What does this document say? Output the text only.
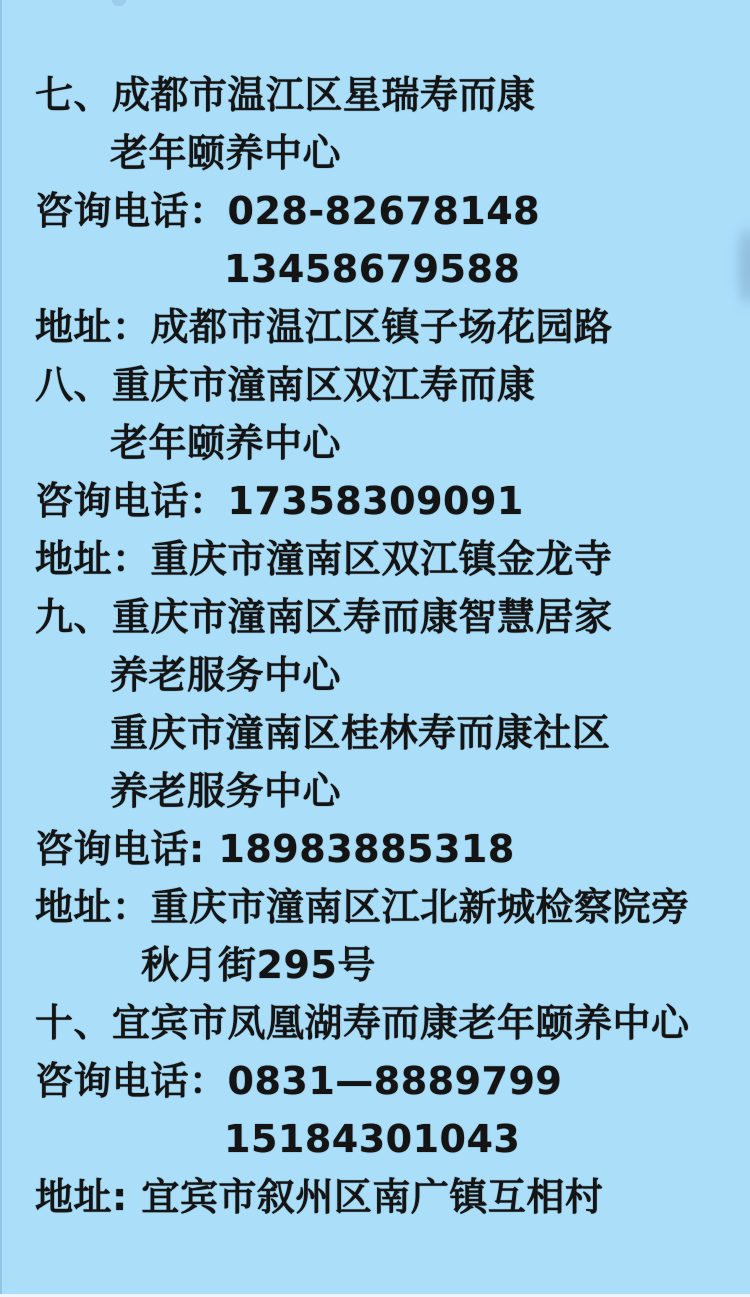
七、成都市温江区星瑞寿而康
老年颐养中心
咨询电话：028-82678148
13458679588
地址：成都市温江区镇子场花园路
八、重庆市潼南区双江寿而康
老年颐养中心
咨询电话：17358309091
地址：重庆市潼南区双江镇金龙寺
九、重庆市潼南区寿而康智慧居家
养老服务中心
重庆市潼南区桂林寿而康社区
养老服务中心
咨询电话: 18983885318
地址：重庆市潼南区江北新城检察院旁
秋月街295号
十、宜宾市凤凰湖寿而康老年颐养中心
咨询电话：0831—8889799
15184301043
地址: 宜宾市叙州区南广镇互相村
